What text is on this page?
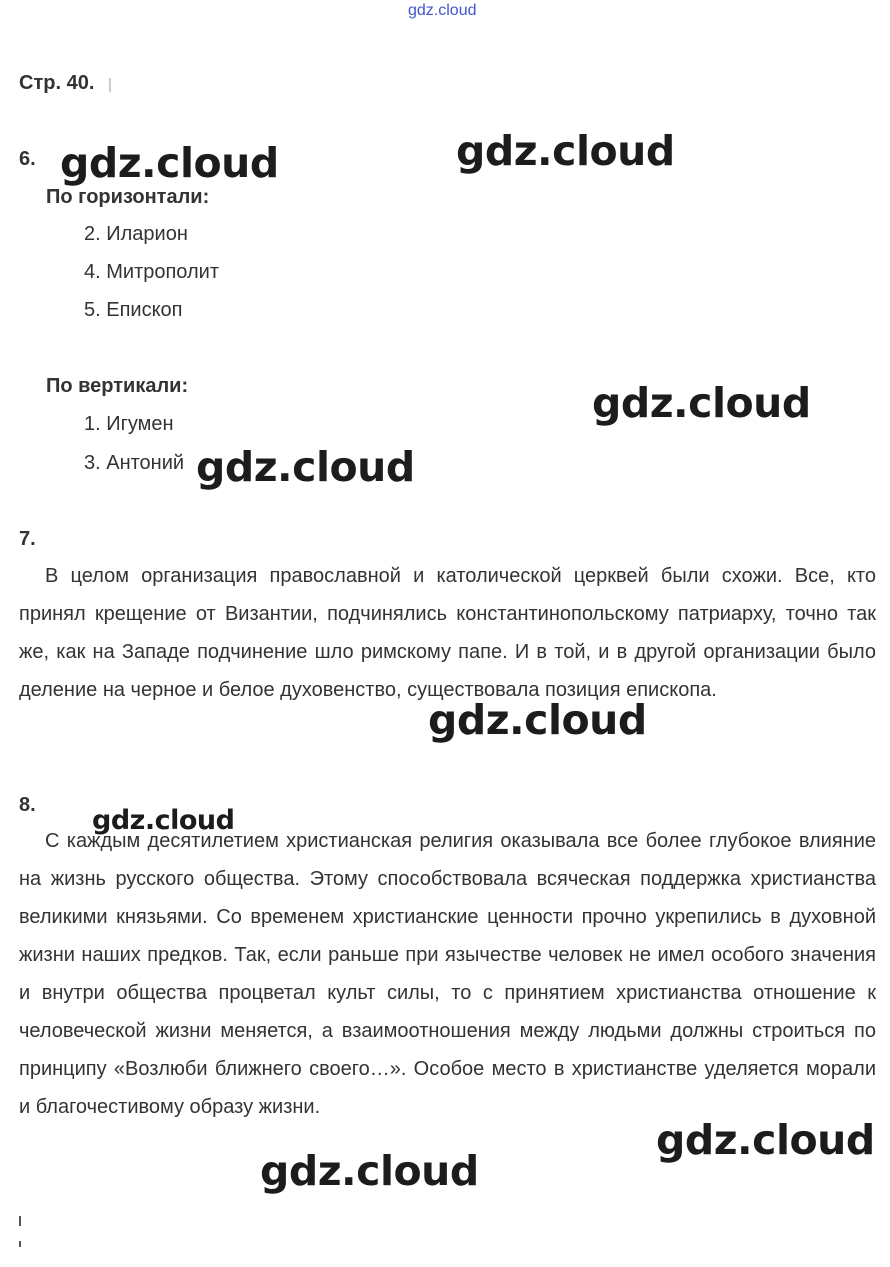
gdz.cloud
Стр. 40.
6.
По горизонтали:
2. Иларион
4. Митрополит
5. Епископ
По вертикали:
1. Игумен
3. Антоний
7.

В целом организация православной и католической церквей были схожи. Все, кто принял крещение от Византии, подчинялись константинопольскому патриарху, точно так же, как на Западе подчинение шло римскому папе. И в той, и в другой организации было деление на черное и белое духовенство, существовала позиция епископа.

8.

С каждым десятилетием христианская религия оказывала все более глубокое влияние на жизнь русского общества. Этому способствовала всяческая поддержка христианства великими князьями. Со временем христианские ценности прочно укрепились в духовной жизни наших предков. Так, если раньше при язычестве человек не имел особого значения и внутри общества процветал культ силы, то с принятием христианства отношение к человеческой жизни меняется, а взаимоотношения между людьми должны строиться по принципу «Возлюби ближнего своего…». Особое место в христианстве уделяется морали и благочестивому образу жизни.

gdz.cloud	gdz.cloud
gdz.cloud
gdz.cloud
gdz.cloud
gdz.cloud
gdz.cloud
gdz.cloud
